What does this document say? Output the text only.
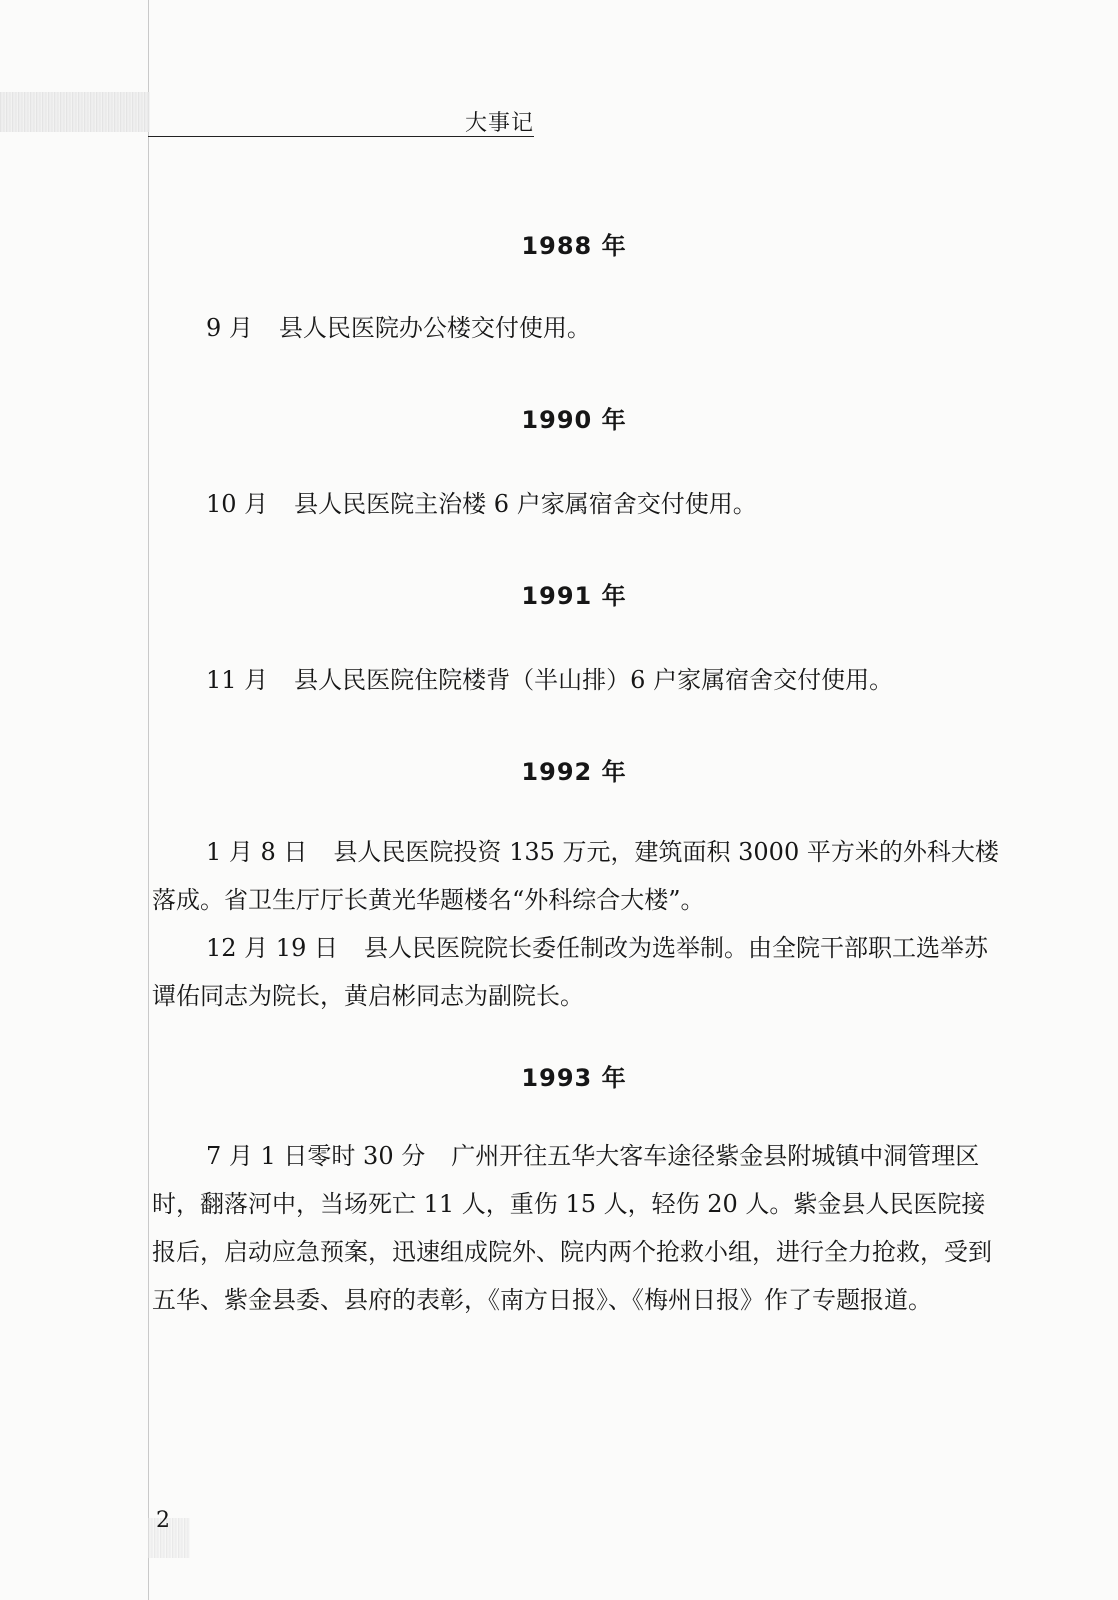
大事记
1988 年

9 月 县人民医院办公楼交付使用。

1990 年

10 月 县人民医院主治楼 6 户家属宿舍交付使用。

1991 年

11 月 县人民医院住院楼背（半山排）6 户家属宿舍交付使用。

1992 年

1 月 8 日 县人民医院投资 135 万元，建筑面积 3000 平方米的外科大楼落成。省卫生厅厅长黄光华题楼名“外科综合大楼”。

12 月 19 日 县人民医院院长委任制改为选举制。由全院干部职工选举苏谭佑同志为院长，黄启彬同志为副院长。

1993 年

7 月 1 日零时 30 分 广州开往五华大客车途径紫金县附城镇中洞管理区时，翻落河中，当场死亡 11 人，重伤 15 人，轻伤 20 人。紫金县人民医院接报后，启动应急预案，迅速组成院外、院内两个抢救小组，进行全力抢救，受到五华、紫金县委、县府的表彰，《南方日报》、《梅州日报》作了专题报道。

2
